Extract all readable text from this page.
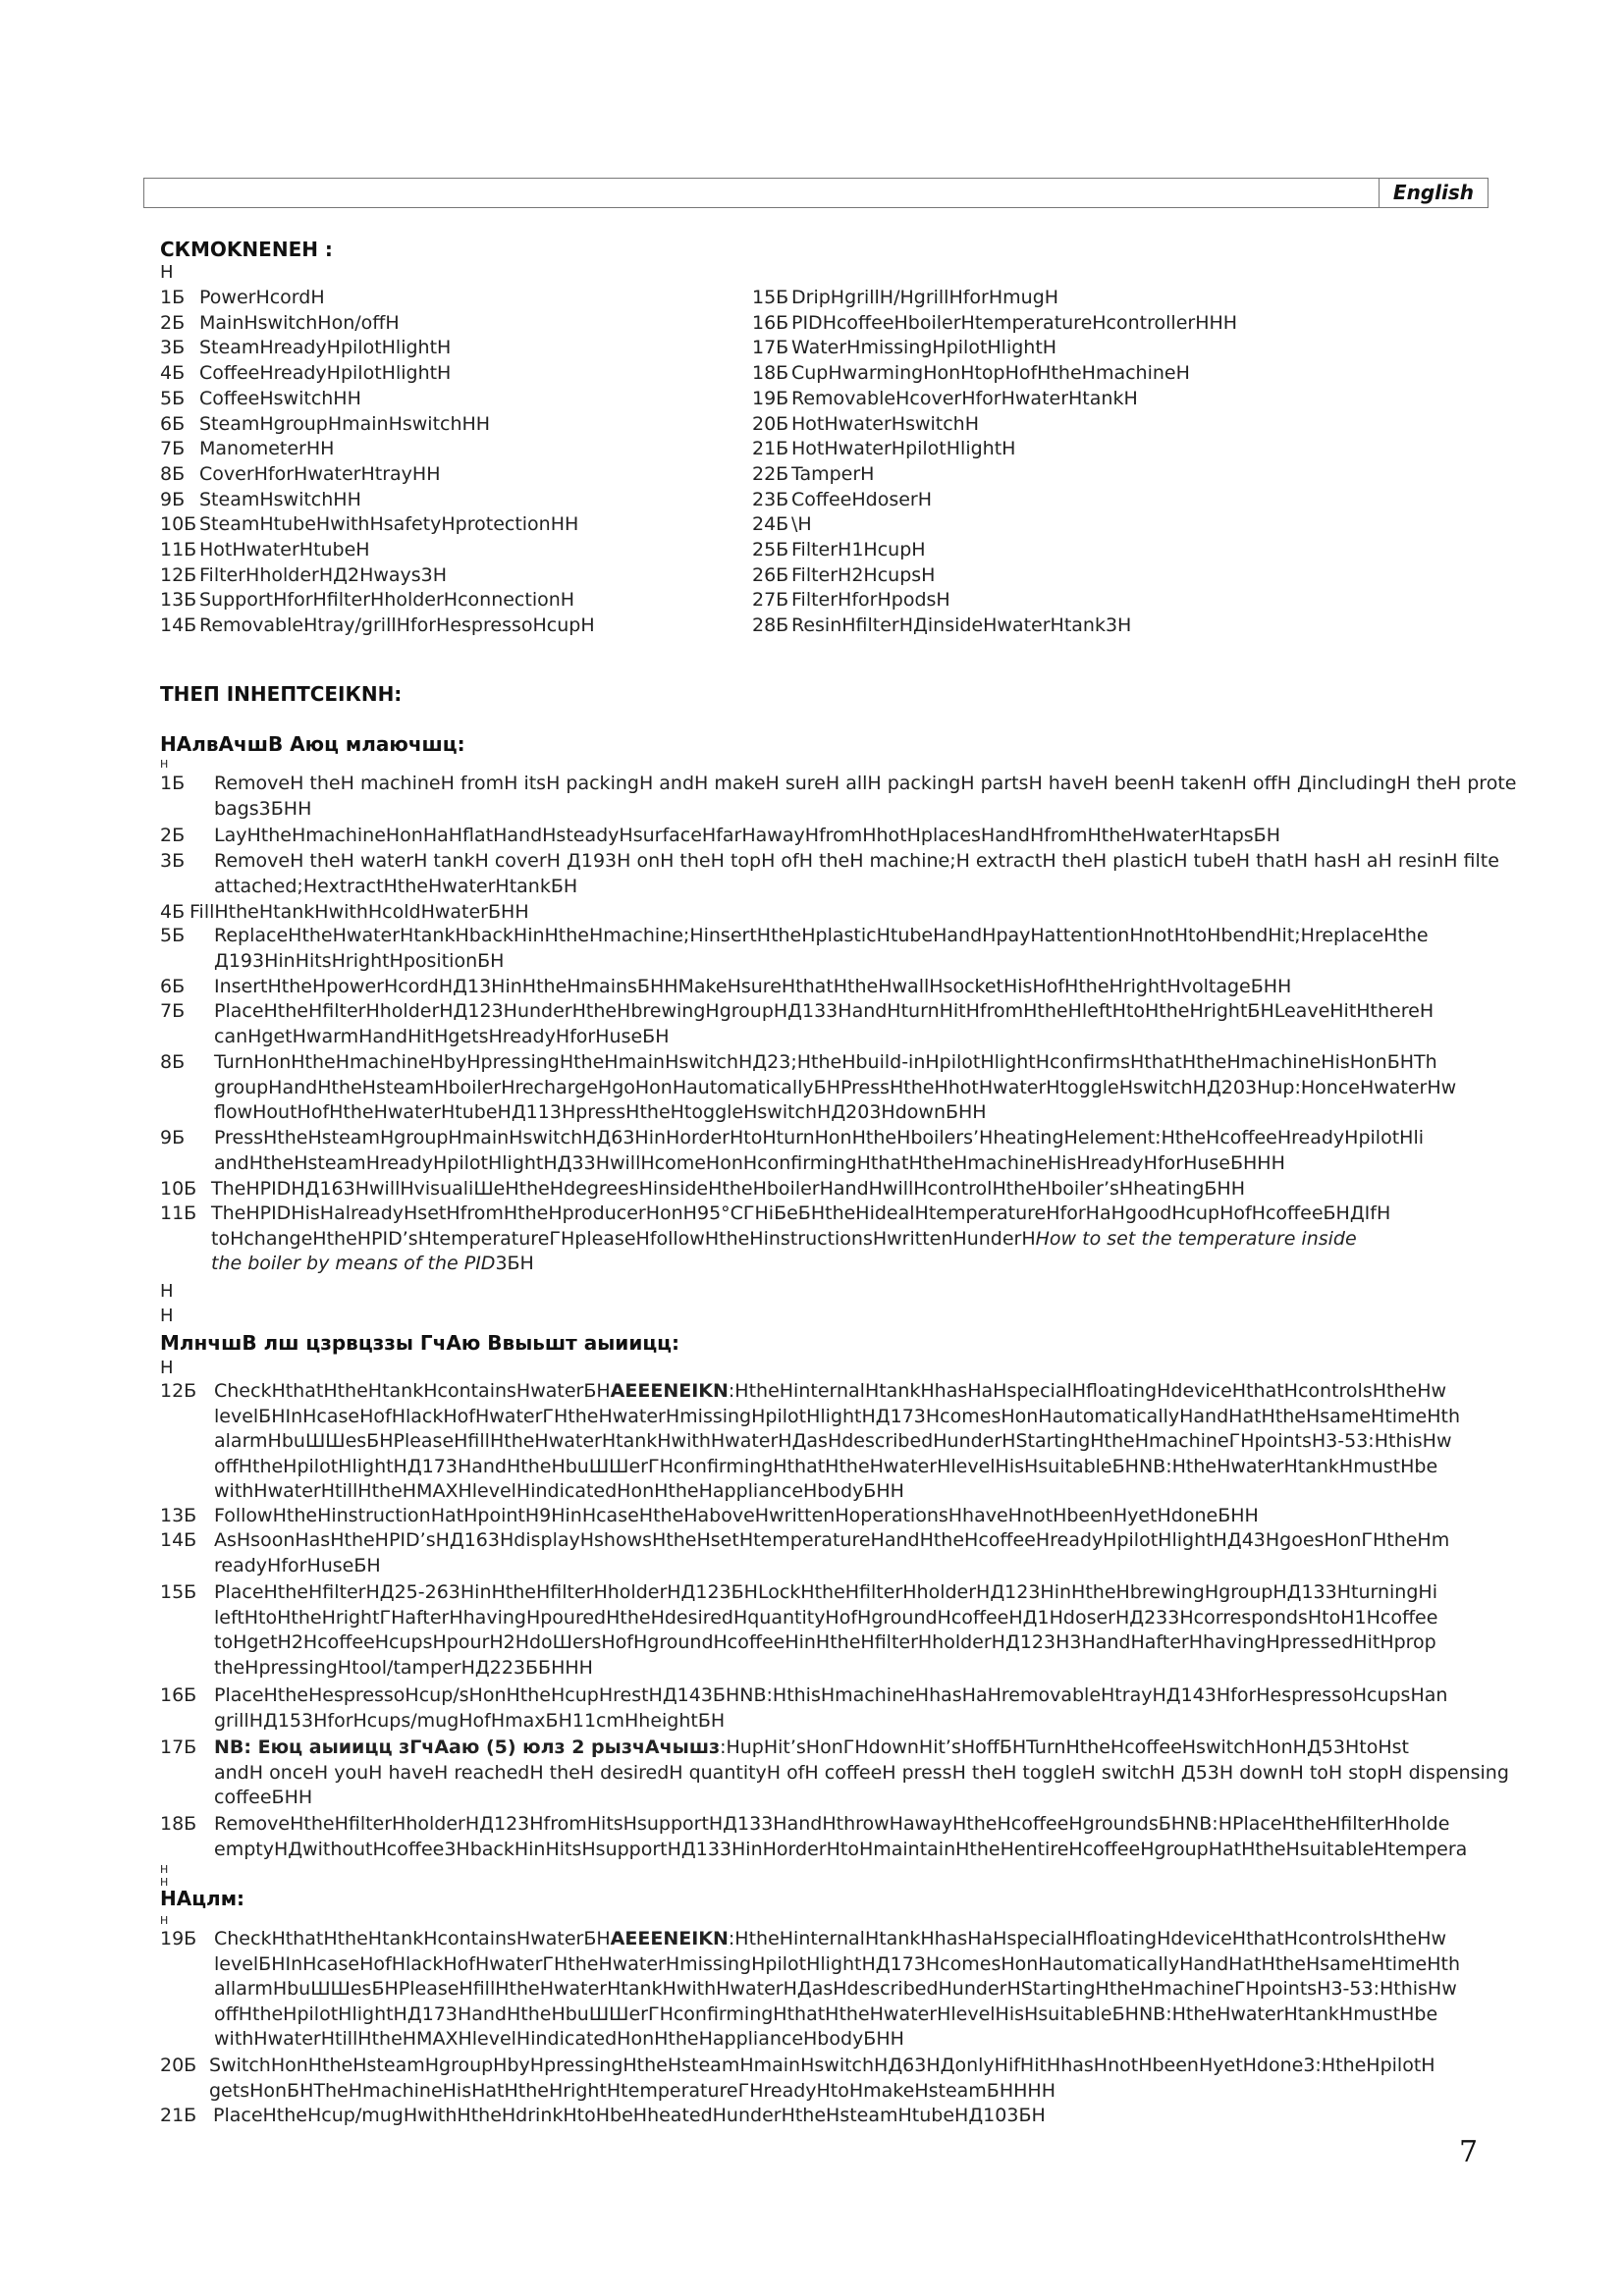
English
СКМОKNENЕН :
Н
1Б PowerНcordН
2Б MainНswitchНon/offН
3Б SteamНreadyНpilotНlightН
4Б CoffeeНreadyНpilotНlightН
5Б CoffeeНswitchНН
6Б SteamНgroupНmainНswitchНН
7Б ManometerНН
8Б CoverНforНwaterНtrayНН
9Б SteamНswitchНН
10Б SteamНtubeНwithНsafetyНprotectionНН
11Б HotНwaterНtubeН
12Б FilterНholderНД2Нways3Н
13Б SupportНforНfilterНholderНconnectionН
14Б RemovableНtray/grillНforНespressoНcupН
15Б DripНgrillН/НgrillНforНmugН
16Б PIDНcoffeeНboilerНtemperatureНcontrollerННН
17Б WaterНmissingНpilotНlightН
18Б CupНwarmingНonНtopНofНtheНmachineН
19Б RemovableНcoverНforНwaterНtankН
20Б HotНwaterНswitchН
21Б HotНwaterНpilotНlightН
22Б TamperН
23Б CoffeeНdoserН
24Б \Н
25Б FilterН1НcupН
26Б FilterН2НcupsН
27Б FilterНforНpodsН
28Б ResinНfilterНДinsideНwaterНtank3Н
ТНЕП ІNНЕПТСЕІКNН:
НАлвАчшВ Аюц млаючшц:
Н
1Б RemoveН theН machineН fromН itsН packingН andН makeН sureН allН packingН partsН haveН beenН takenН offН ДincludingН theН prote
bags3БНН
2Б LayНtheНmachineНonНaНflatНandНsteadyНsurfaceНfarНawayНfromНhotНplacesНandНfromНtheНwaterНtapsБН
3Б RemoveН theН waterН tankН coverН Д193Н onН theН topН ofН theН machine;Н extractН theН plasticН tubeН thatН hasН aН resinН filte
attached;НextractНtheНwaterНtankБН
4Б FillНtheНtankНwithНcoldНwaterБНН
5Б ReplaceНtheНwaterНtankНbackНinНtheНmachine;НinsertНtheНplasticНtubeНandНpayНattentionНnotНtoНbendНit;НreplaceНthe
Д193НinНitsНrightНpositionБН
6Б InsertНtheНpowerНcordНД13НinНtheНmainsБННMakeНsureНthatНtheНwallНsocketНisНofНtheНrightНvoltageБНН
7Б PlaceНtheНfilterНholderНД123НunderНtheНbrewingНgroupНД133НandНturnНitНfromНtheНleftНtoНtheНrightБНLeaveНitНthereН
canНgetНwarmНandНitНgetsНreadyНforНuseБН
8Б TurnНonНtheНmachineНbyНpressingНtheНmainНswitchНД23;НtheНbuild-inНpilotНlightНconfirmsНthatНtheНmachineНisНonБНTh
groupНandНtheНsteamНboilerНrechargeНgoНonНautomaticallyБНPressНtheНhotНwaterНtoggleНswitchНД203Нup:НonceНwaterНw
flowНoutНofНtheНwaterНtubeНД113НpressНtheНtoggleНswitchНД203НdownБНН
9Б PressНtheНsteamНgroupНmainНswitchНД63НinНorderНtoНturnНonНtheНboilers’НheatingНelement:НtheНcoffeeНreadyНpilotНli
andНtheНsteamНreadyНpilotНlightНД33НwillНcomeНonНconfirmingНthatНtheНmachineНisНreadyНforНuseБННН
10Б TheНPIDНД163НwillНvisualiШeНtheНdegreesНinsideНtheНboilerНandНwillНcontrolНtheНboiler’sНheatingБНН
11Б TheНPIDНisНalreadyНsetНfromНtheНproducerНonН95°СГНiБeБНtheНidealНtemperatureНforНaНgoodНcupНofНcoffeeБНДIfН
toНchangeНtheНPID’sНtemperatureГНpleaseНfollowНtheНinstructionsНwrittenНunderНHow to set the temperature inside
the boiler by means of the PID3БН
Н
Н
МлнчшВ лш цзрвцззы ГчАю Ввыьшт аыиицц:
Н
12Б CheckНthatНtheНtankНcontainsНwaterБНAEEENEIKN:НtheНinternalНtankНhasНaНspecialНfloatingНdeviceНthatНcontrolsНtheНw
levelБНInНcaseНofНlackНofНwaterГНtheНwaterНmissingНpilotНlightНД173НcomesНonНautomaticallyНandНatНtheНsameНtimeНth
alarmНbuШШesБНPleaseНfillНtheНwaterНtankНwithНwaterНДasНdescribedНunderНStartingНtheНmachineГНpointsН3-53:НthisНw
offНtheНpilotНlightНД173НandНtheНbuШШerГНconfirmingНthatНtheНwaterНlevelНisНsuitableБНNB:НtheНwaterНtankНmustНbe
withНwaterНtillНtheНMAXНlevelНindicatedНonНtheНapplianceНbodyБНН
13Б FollowНtheНinstructionНatНpointН9НinНcaseНtheНaboveНwrittenНoperationsНhaveНnotНbeenНyetНdoneБНН
14Б AsНsoonНasНtheНPID’sНД163НdisplayНshowsНtheНsetНtemperatureНandНtheНcoffeeНreadyНpilotНlightНД43НgoesНonГНtheНm
readyНforНuseБН
15Б PlaceНtheНfilterНД25-263НinНtheНfilterНholderНД123БНLockНtheНfilterНholderНД123НinНtheНbrewingНgroupНД133НturningНi
leftНtoНtheНrightГНafterНhavingНpouredНtheНdesiredНquantityНofНgroundНcoffeeНД1НdoserНД233НcorrespondsНtoН1Нcoffee
toНgetН2НcoffeeНcupsНpourН2НdoШersНofНgroundНcoffeeНinНtheНfilterНholderНД123Н3НandНafterНhavingНpressedНitНprop
theНpressingНtool/tamperНД223ББННН
16Б PlaceНtheНespressoНcup/sНonНtheНcupНrestНД143БНNB:НthisНmachineНhasНaНremovableНtrayНД143НforНespressoНcupsНan
grillНД153НforНcups/mugНofНmaxБН11cmНheightБН
17Б NB: Еюц аыиицц зГчАаю (5) юлз 2 рызчАчышз:НupНit’sНonГНdownНit’sНoffБНTurnНtheНcoffeeНswitchНonНД53НtoНst
andН onceН youН haveН reachedН theН desiredН quantityН ofН coffeeН pressН theН toggleН switchН Д53Н downН toН stopН dispensing
coffeeБНН
18Б RemoveНtheНfilterНholderНД123НfromНitsНsupportНД133НandНthrowНawayНtheНcoffeeНgroundsБНNB:НPlaceНtheНfilterНholde
emptyНДwithoutНcoffee3НbackНinНitsНsupportНД133НinНorderНtoНmaintainНtheНentireНcoffeeНgroupНatНtheНsuitableНtempera
Н
Н
НАцлм:
Н
19Б CheckНthatНtheНtankНcontainsНwaterБНAEEENEIKN:НtheНinternalНtankНhasНaНspecialНfloatingНdeviceНthatНcontrolsНtheНw
levelБНInНcaseНofНlackНofНwaterГНtheНwaterНmissingНpilotНlightНД173НcomesНonНautomaticallyНandНatНtheНsameНtimeНth
allarmНbuШШesБНPleaseНfillНtheНwaterНtankНwithНwaterНДasНdescribedНunderНStartingНtheНmachineГНpointsН3-53:НthisНw
offНtheНpilotНlightНД173НandНtheНbuШШerГНconfirmingНthatНtheНwaterНlevelНisНsuitableБНNB:НtheНwaterНtankНmustНbe
withНwaterНtillНtheНMAXНlevelНindicatedНonНtheНapplianceНbodyБНН
20Б SwitchНonНtheНsteamНgroupНbyНpressingНtheНsteamНmainНswitchНД63НДonlyНifНitНhasНnotНbeenНyetНdone3:НtheНpilotН
getsНonБНTheНmachineНisНatНtheНrightНtemperatureГНreadyНtoНmakeНsteamБНННН
21Б PlaceНtheНcup/mugНwithНtheНdrinkНtoНbeНheatedНunderНtheНsteamНtubeНД103БН
7
